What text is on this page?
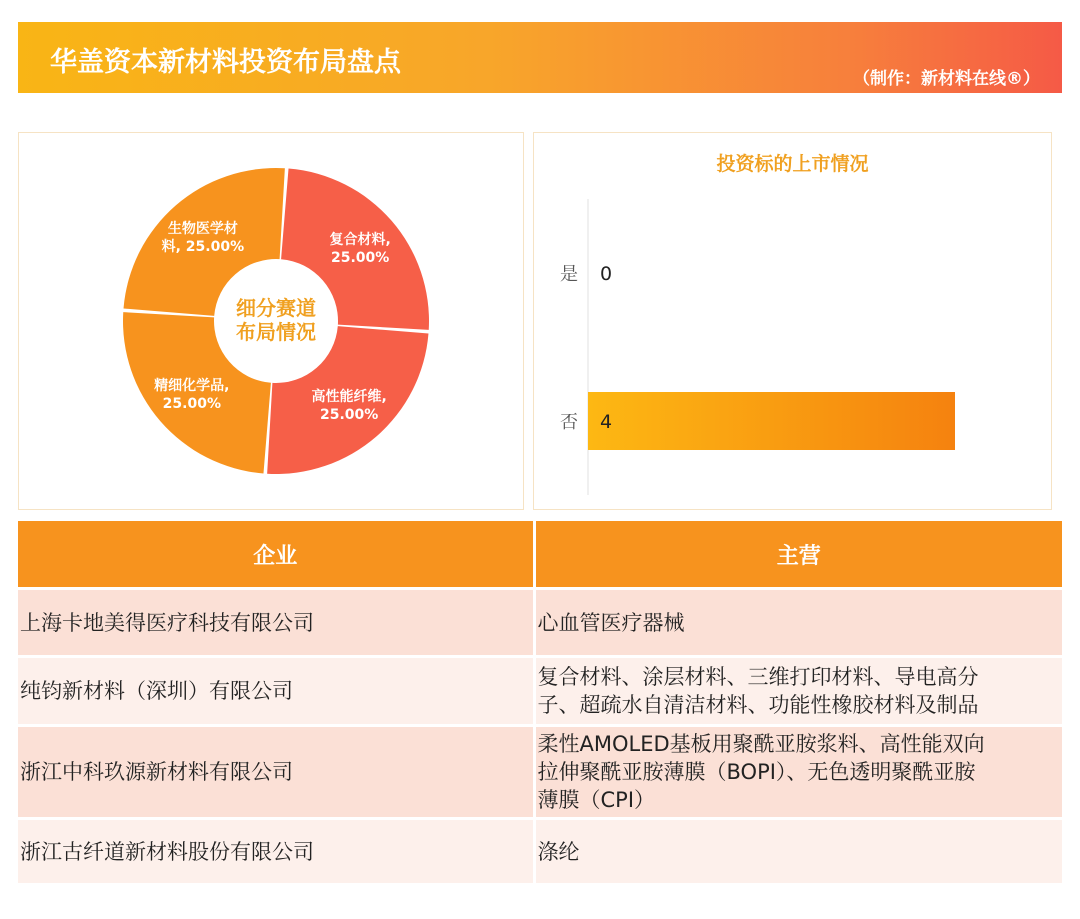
华盖资本新材料投资布局盘点
（制作：新材料在线®）
复合材料,
25.00%
高性能纤维,
25.00%
精细化学品,
25.00%
生物医学材
料, 25.00%
细分赛道
布局情况
投资标的上市情况
是 0
否 4
企业	主营
上海卡地美得医疗科技有限公司	心血管医疗器械

纯钧新材料（深圳）有限公司	复合材料、涂层材料、三维打印材料、导电高分
子、超疏水自清洁材料、功能性橡胶材料及制品

浙江中科玖源新材料有限公司	柔性AMOLED基板用聚酰亚胺浆料、高性能双向
拉伸聚酰亚胺薄膜（BOPI）、无色透明聚酰亚胺
薄膜（CPI）

浙江古纤道新材料股份有限公司	涤纶
